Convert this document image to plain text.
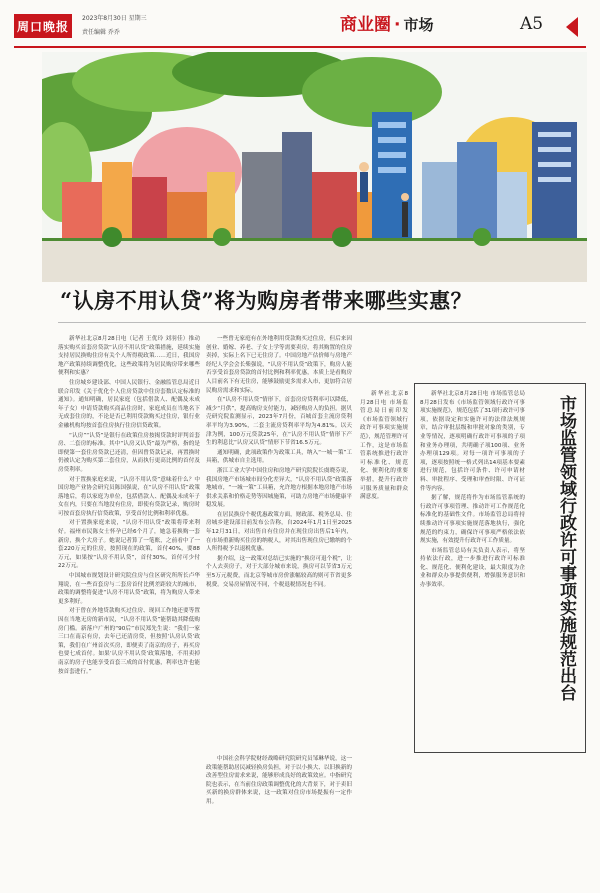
周口晚报
2023年8月30日 星期三
责任编辑 乔乔	商业圈 · 市场	A5
“认房不用认贷”将为购房者带来哪些实惠？

新华社北京8月28日电（记者 王优玲 刘羽佳）推动落实购买首套房贷款“认房不用认贷”政策措施，延续实施支持居民换购住房有关个人所得税政策……近日，我国房地产政策持续调整优化，这些政策将为居民购房带来哪些便利和实惠？

住房城乡建设部、中国人民银行、金融监管总局近日联合印发《关于优化个人住房贷款中住房套数认定标准的通知》。通知明确，居民家庭（包括借款人、配偶及未成年子女）申请贷款购买商品住房时，家庭成员在当地名下无成套住房的，不论是否已利用贷款购买过住房，银行业金融机构均按首套住房执行住房信贷政策。

“认房”“认贷”是银行在政策住房按揭贷款时评判首套房、二套房的标准。其中“认房又认贷”最为严格，指的是即便第一套住房贷款已还清，但因曾贷款记录，再置换时仍被认定为购买第二套住房，从而执行更高比例的首付及房贷利率。

对于置换家庭来说，“认房不用认贷”意味着什么？中国房地产业协会研究员陈国强说，在“认房不用认贷”政策落地后，将以家庭为单位，包括借款人、配偶及未成年子女在内，只要在当地没有住房，即使有贷款记录，购房时可按首套房执行信贷政策，享受首付比例和利率优惠。

对于置换家庭来说，“认房不用认贷”政策将带来利好。福州市民陈女士怀孕已经6个月了，她急着换购一套新房，换个大房子。她说记者算了一笔账，之前看中了一套220万元的住房，按照现在的政策，首付40%，要88万元，如果按“认房不用认贷”，首付30%，首付可少付22万元。

中国城市规划设计研究院住房与住区研究所所长卢华翔说，在一些首套房与二套房首付比例差距较大的城市，政策的调整将促进“认房不用认贷”政策，将为购房人带来更多利好。

对于曾在外地贷款购买过住房、现回工作地还要等置因在当地无房的新市民，“认房不用认贷”能帮助其降低购房门槛。新落户广州的“90后”市民郑先生说：“我们一家三口在南京有房，去年已还清房贷，但按照‘认房认贷’政策，我们在广州首次买房，即便卖了南京的房子，再买房也要七成首付。如果‘认房不用认贷’政策落地，不用卖掉南京的房子也能享受首套三成的首付优惠，利率也许也能按首套进行。”

一些曾无家庭有在外地利用贷款购买过住房，但后来因创业、婚嫁、养老、子女上学等需要卖房，将其购置的住房卖掉，实际上名下已无住房了。中国房地产估价师与房地产经纪人学会会长柴强说，“认房不用认贷”政策下，购房人能否享受首套房贷款的首付比例和利率优惠，本质上是看购房人目前名下有无住房，能够鼓励更多需求入市，更加符合居民购房需求和实际。

在“认房不用认贷”情形下，首套房房贷利率可以降低，减少“月供”，提高购房支付能力，减轻购房人的负担。据贝壳研究院监测显示，2023年7月份，百城首套主流房贷利率平均为3.90%，二套主流房贷利率平均为4.81%。以天津为例，100万元贷款25年，在“认房不用认贷”情形下产生的利息比“认房又认贷”情形下节省16.5万元。

通知明确，此项政策作为政策工具，纳入“一城一策”工具箱，供城市自主选用。

浙江工业大学中国住房和房地产研究院院长虞晓芬说，我国房地产市场城市间分化差异大，“认房不用认贷”政策落地城市，“一城一策”工具箱，允许地方根据本地房地产市场供求关系和价格走势等因城施策，可助力房地产市场健康平稳发展。

在居民换房个税优惠政策方面，财政部、税务总局、住房城乡建设部日前发布公告称，自2024年1月1日至2025年12月31日，对出售自有住房并在现住房出售后1年内，在市场重新购买住房的纳税人，对其出售现住房已缴纳的个人所得税予以退税优惠。

据介绍，这一政策对总结已实施的“换房可退个税”，让个人去卖房子，对于大部分城市来说，换房可以节省3万元至5万元税费，而北京等城市房价涨幅较高的则可节省更多税费。交易房屋情况不同，个税退税情况也不同。

中国社会科学院财经战略研究院研究员邹琳华说，这一政策能帮助居民减轻换房负担，对于以小换大、以旧换新的改善型住房需求来说，能够形成良好的政策效应。中指研究院也表示，在当前住房政策调整优化的大背景下，对于卖旧买新的换房群体来说，这一政策对住房市场提振有一定作用。

新华社北京8月28日电 市场监管总局日前印发《市场监管领域行政许可事项实施规范》，规范管理许可工作，这是市场监管系统推进行政许可标准化、规范化、便利化的重要举措，提升行政许可服务质量和群众满意度。

新华社北京8月28日电 市场监管总局8月28日发布《市场监管领域行政许可事项实施规范》，规范包括了31项行政许可事项，依据设定和实施许可的法律法规规章，结合审批层级和审批对象的类别，专业等情况，逐项明确行政许可事项的子项和业务办理项，共明确子项100项、业务办理项129项。对每一项许可事项的子项，逐项按照统一格式列出14项基本要素进行规范，包括许可条件、许可申请材料、审批程序、受理和审查时限、许可证件等内容。

据了解，规范将作为市场监管系统的行政许可事项管理、推动许可工作规范化标准化的基础性文件。市场监管总局将持续推动许可事项实施规范落地执行，强化规范的约束力，确保许可事项严格依法依规实施，有效提升行政许可工作质量。

市场监管总局有关负责人表示，将坚持依法行政，进一步推进行政许可标准化、规范化、便利化建设，最大限度为企业和群众办事提供便利，增强服务意识和办事效率。	市场监管领域行政许可事项实施规范出台
